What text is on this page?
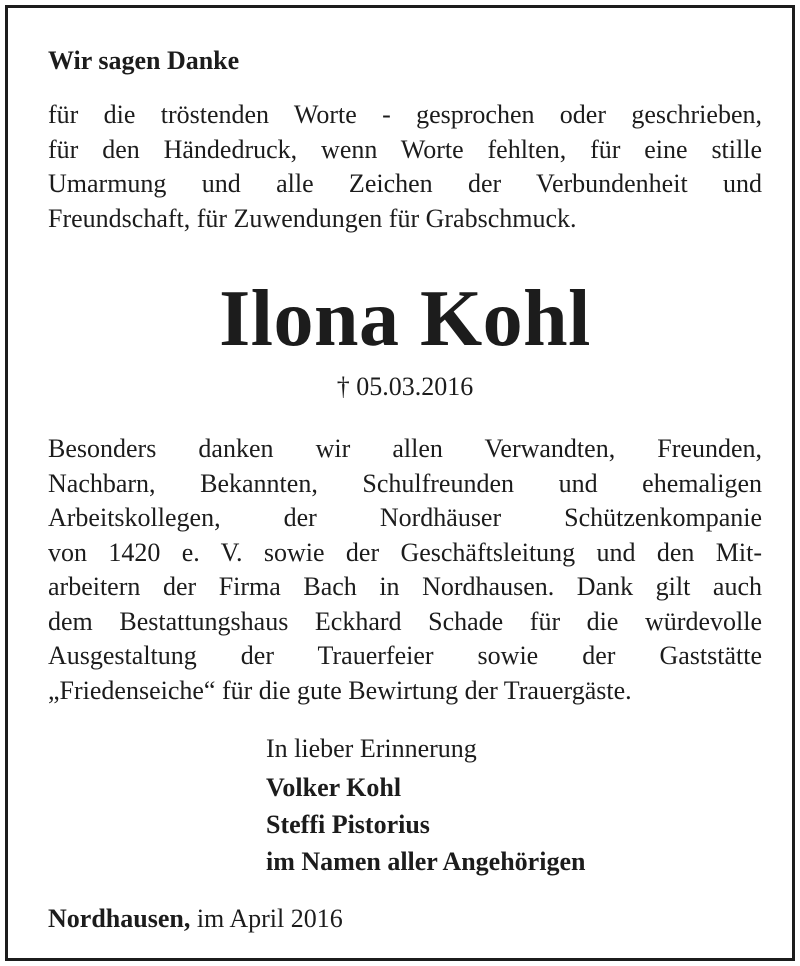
Wir sagen Danke

für die tröstenden Worte - gesprochen oder geschrieben,

für den Händedruck, wenn Worte fehlten, für eine stille

Umarmung und alle Zeichen der Verbundenheit und

Freundschaft, für Zuwendungen für Grabschmuck.

Ilona Kohl
† 05.03.2016

Besonders danken wir allen Verwandten, Freunden,

Nachbarn, Bekannten, Schulfreunden und ehemaligen

Arbeitskollegen, der Nordhäuser Schützenkompanie

von 1420 e. V. sowie der Geschäftsleitung und den Mit-

arbeitern der Firma Bach in Nordhausen. Dank gilt auch

dem Bestattungshaus Eckhard Schade für die würdevolle

Ausgestaltung der Trauerfeier sowie der Gaststätte

„Friedenseiche“ für die gute Bewirtung der Trauergäste.

In lieber Erinnerung
Volker Kohl
Steffi Pistorius
im Namen aller Angehörigen
Nordhausen, im April 2016
